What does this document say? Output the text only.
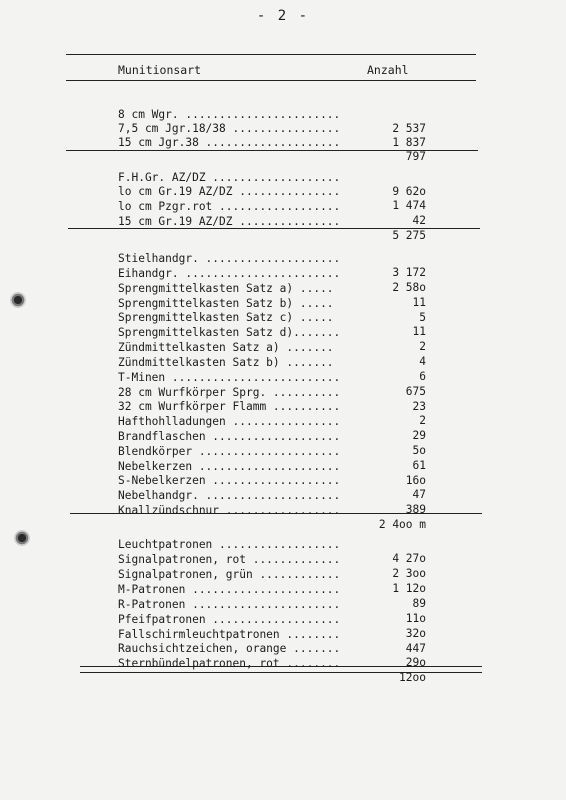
- 2 -
Munitionsart	Anzahl

8 cm Wgr. .......................

2 537

7,5 cm Jgr.18/38 ................

1 837

15 cm Jgr.38 ....................

797

F.H.Gr. AZ/DZ ...................

9 62o

lo cm Gr.19 AZ/DZ ...............

1 474

lo cm Pzgr.rot ..................

42

15 cm Gr.19 AZ/DZ ...............

5 275

Stielhandgr. ....................

3 172

Eihandgr. .......................

2 58o

Sprengmittelkasten Satz a) .....

11

Sprengmittelkasten Satz b) .....

5

Sprengmittelkasten Satz c) .....

11

Sprengmittelkasten Satz d).......

2

Zündmittelkasten Satz a) .......

4

Zündmittelkasten Satz b) .......

6

T-Minen .........................

675

28 cm Wurfkörper Sprg. ..........

23

32 cm Wurfkörper Flamm ..........

2

Hafthohlladungen ................

29

Brandflaschen ...................

5o

Blendkörper .....................

61

Nebelkerzen .....................

16o

S-Nebelkerzen ...................

47

Nebelhandgr. ....................

389

Knallzündschnur .................

2 4oo m

Leuchtpatronen ..................

4 27o

Signalpatronen, rot .............

2 3oo

Signalpatronen, grün ............

1 12o

M-Patronen ......................

89

R-Patronen ......................

11o

Pfeifpatronen ...................

32o

Fallschirmleuchtpatronen ........

447

Rauchsichtzeichen, orange .......

29o

Sternbündelpatronen, rot ........

12oo
